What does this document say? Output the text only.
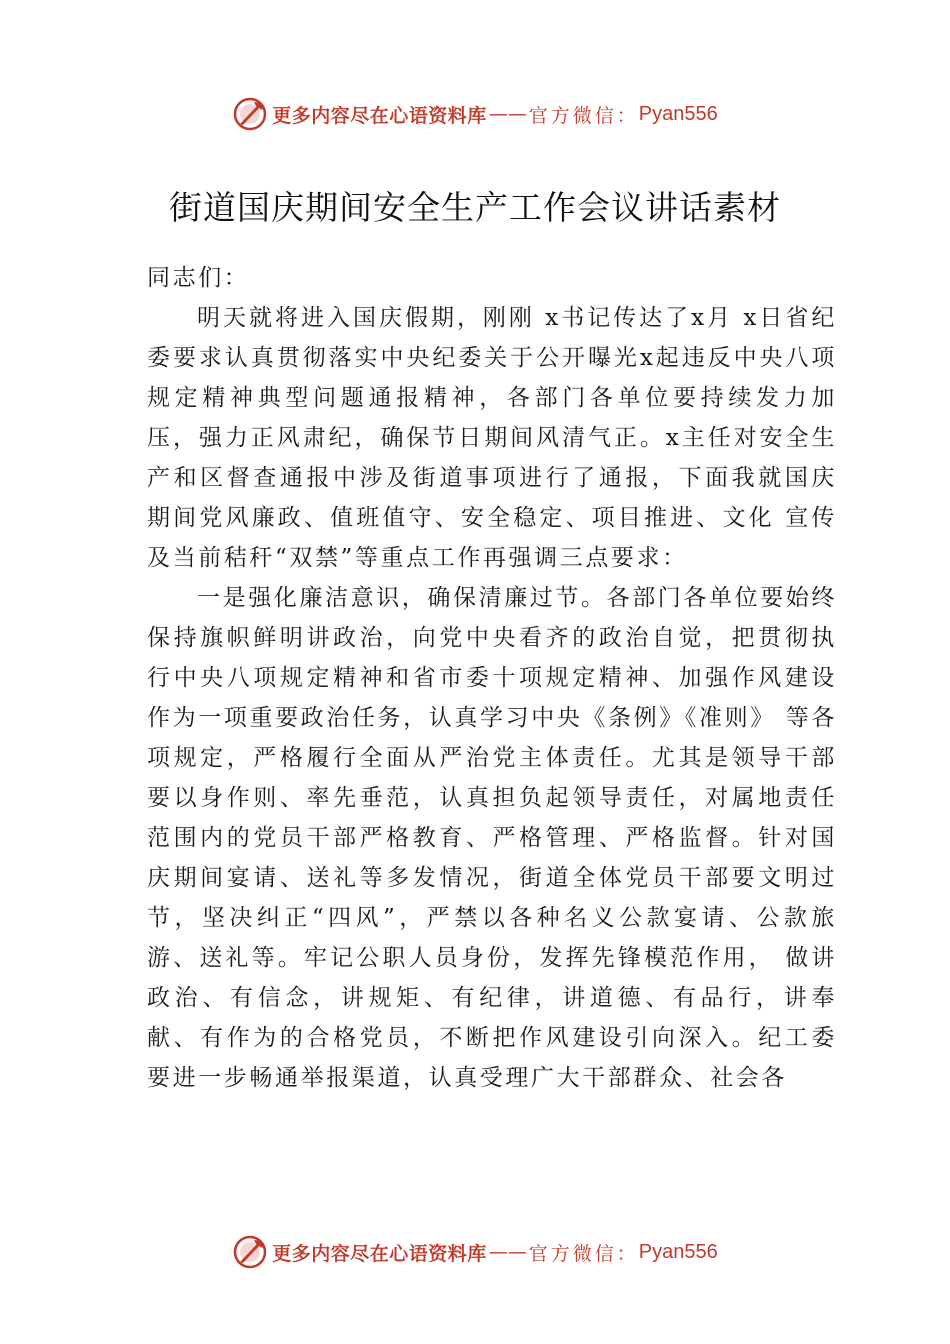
更多内容尽在心语资料库 —— 官方微信： Pyan556
街道国庆期间安全生产工作会议讲话素材

同志们：

明天就将进入国庆假期，刚刚 x书记传达了x月 x日省纪委要求认真贯彻落实中央纪委关于公开曝光x起违反中央八项规定精神典型问题通报精神，各部门各单位要持续发力加压，强力正风肃纪，确保节日期间风清气正。x主任对安全生产和区督查通报中涉及街道事项进行了通报，下面我就国庆期间党风廉政、值班值守、安全稳定、项目推进、文化 宣传及当前秸秆“双禁”等重点工作再强调三点要求：

一是强化廉洁意识，确保清廉过节。各部门各单位要始终保持旗帜鲜明讲政治，向党中央看齐的政治自觉，把贯彻执行中央八项规定精神和省市委十项规定精神、加强作风建设作为一项重要政治任务，认真学习中央《条例》《准则》 等各项规定，严格履行全面从严治党主体责任。尤其是领导干部要以身作则、率先垂范，认真担负起领导责任，对属地责任范围内的党员干部严格教育、严格管理、严格监督。针对国庆期间宴请、送礼等多发情况，街道全体党员干部要文明过节，坚决纠正“四风”，严禁以各种名义公款宴请、公款旅游、送礼等。牢记公职人员身份，发挥先锋模范作用， 做讲政治、有信念，讲规矩、有纪律，讲道德、有品行，讲奉献、有作为的合格党员，不断把作风建设引向深入。纪工委要进一步畅通举报渠道，认真受理广大干部群众、社会各

更多内容尽在心语资料库 —— 官方微信： Pyan556
